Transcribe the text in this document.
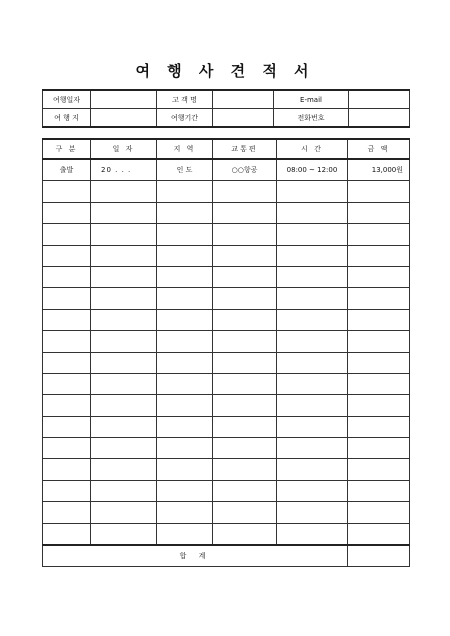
여 행 사 견 적 서
여행일자		고 객 명		E-mail	
여 행 지		여행기간		전화번호	
구 분	일 자	지 역	교통편	시 간	금 액
출발	20 . . .	인 도	○○항공	08:00 ~ 12:00	13,000원

합 계					
